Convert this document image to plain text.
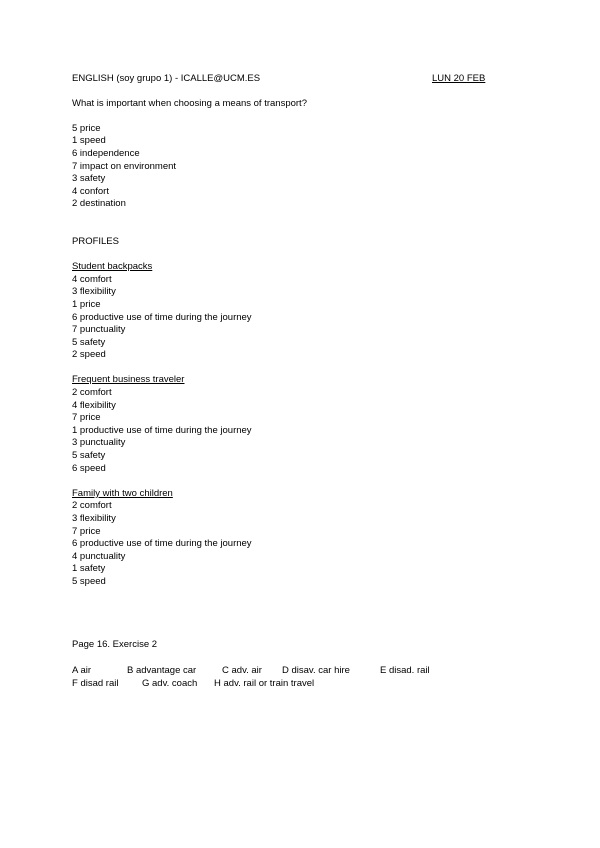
ENGLISH (soy grupo 1) - ICALLE@UCM.ES	LUN 20 FEB
What is important when choosing a means of transport?
5 price
1 speed
6 independence
7 impact on environment
3 safety
4 confort
2 destination
PROFILES
Student backpacks
4 comfort
3 flexibility
1 price
6 productive use of time during the journey
7 punctuality
5 safety
2 speed
Frequent business traveler
2 comfort
4 flexibility
7 price
1 productive use of time during the journey
3 punctuality
5 safety
6 speed
Family with two children
2 comfort
3 flexibility
7 price
6 productive use of time during the journey
4 punctuality
1 safety
5 speed
Page 16. Exercise 2
A air	B advantage car	C adv. air D disav. car hire	E disad. rail
F disad rail G adv. coach H adv. rail or train travel
